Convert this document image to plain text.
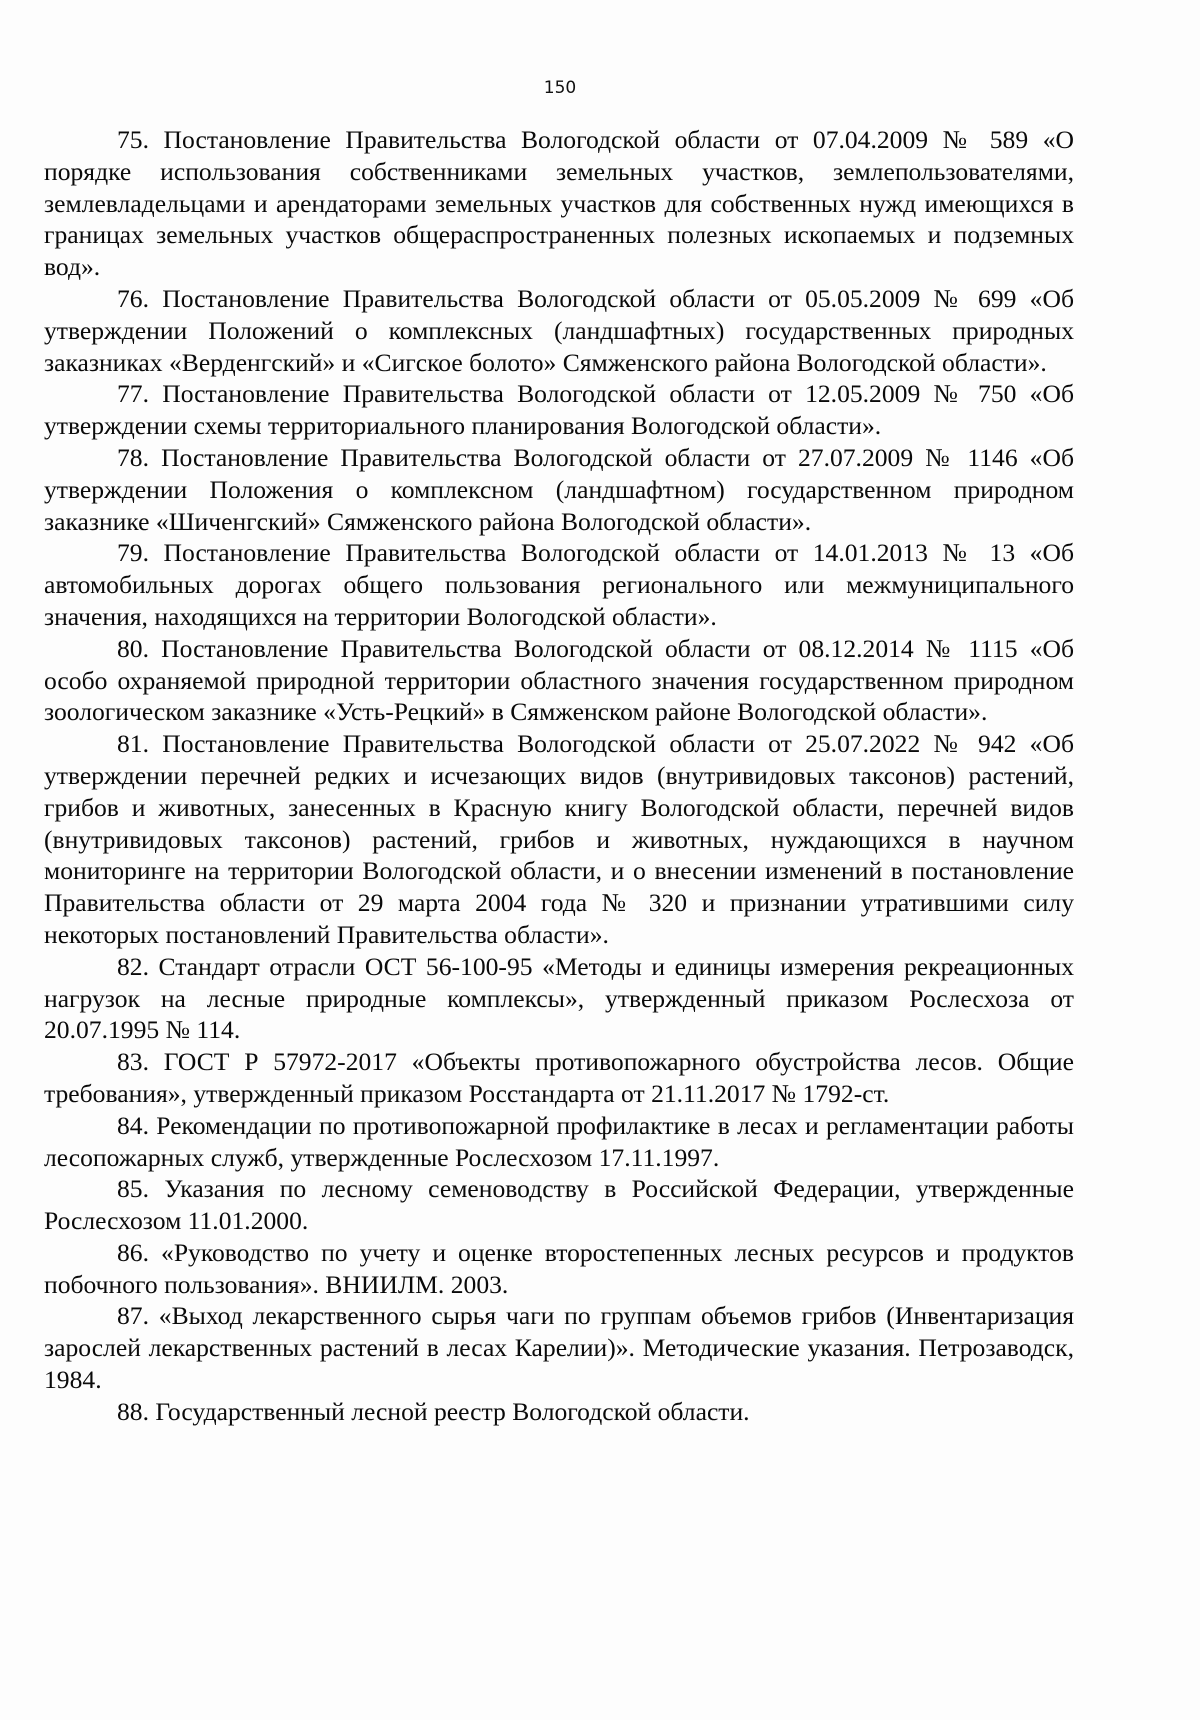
150

75. Постановление Правительства Вологодской области от 07.04.2009 № 589 «О порядке использования собственниками земельных участков, землепользователями, землевладельцами и арендаторами земельных участков для собственных нужд имеющихся в границах земельных участков общераспространенных полезных ископаемых и подземных вод».

76. Постановление Правительства Вологодской области от 05.05.2009 № 699 «Об утверждении Положений о комплексных (ландшафтных) государственных природных заказниках «Верденгский» и «Сигское болото» Сямженского района Вологодской области».

77. Постановление Правительства Вологодской области от 12.05.2009 № 750 «Об утверждении схемы территориального планирования Вологодской области».

78. Постановление Правительства Вологодской области от 27.07.2009 № 1146 «Об утверждении Положения о комплексном (ландшафтном) государственном природном заказнике «Шиченгский» Сямженского района Вологодской области».

79. Постановление Правительства Вологодской области от 14.01.2013 № 13 «Об автомобильных дорогах общего пользования регионального или межмуниципального значения, находящихся на территории Вологодской области».

80. Постановление Правительства Вологодской области от 08.12.2014 № 1115 «Об особо охраняемой природной территории областного значения государственном природном зоологическом заказнике «Усть-Рецкий» в Сямженском районе Вологодской области».

81. Постановление Правительства Вологодской области от 25.07.2022 № 942 «Об утверждении перечней редких и исчезающих видов (внутривидовых таксонов) растений, грибов и животных, занесенных в Красную книгу Вологодской области, перечней видов (внутривидовых таксонов) растений, грибов и животных, нуждающихся в научном мониторинге на территории Вологодской области, и о внесении изменений в постановление Правительства области от 29 марта 2004 года № 320 и признании утратившими силу некоторых постановлений Правительства области».

82. Стандарт отрасли ОСТ 56-100-95 «Методы и единицы измерения рекреационных нагрузок на лесные природные комплексы», утвержденный приказом Рослесхоза от 20.07.1995 № 114.

83. ГОСТ Р 57972-2017 «Объекты противопожарного обустройства лесов. Общие требования», утвержденный приказом Росстандарта от 21.11.2017 № 1792-ст.

84. Рекомендации по противопожарной профилактике в лесах и регламентации работы лесопожарных служб, утвержденные Рослесхозом 17.11.1997.

85. Указания по лесному семеноводству в Российской Федерации, утвержденные Рослесхозом 11.01.2000.

86. «Руководство по учету и оценке второстепенных лесных ресурсов и продуктов побочного пользования». ВНИИЛМ. 2003.

87. «Выход лекарственного сырья чаги по группам объемов грибов (Инвентаризация зарослей лекарственных растений в лесах Карелии)». Методические указания. Петрозаводск, 1984.

88. Государственный лесной реестр Вологодской области.
